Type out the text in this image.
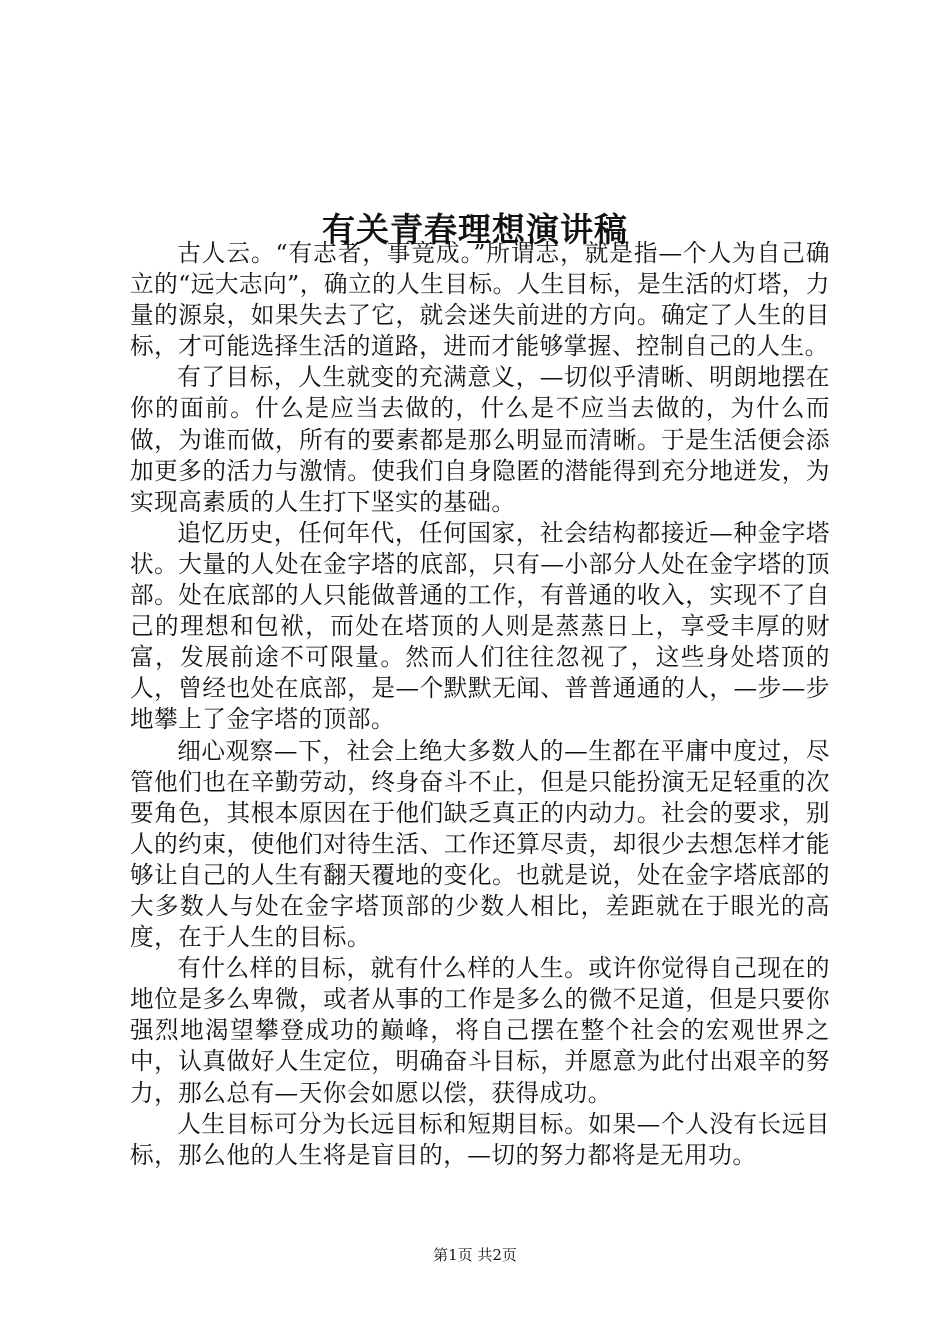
有关青春理想演讲稿

古人云。“有志者，事竟成。”所谓志，就是指—个人为自己确立的“远大志向”，确立的人生目标。人生目标，是生活的灯塔，力量的源泉，如果失去了它，就会迷失前进的方向。确定了人生的目标，才可能选择生活的道路，进而才能够掌握、控制自己的人生。

有了目标，人生就变的充满意义，—切似乎清晰、明朗地摆在你的面前。什么是应当去做的，什么是不应当去做的，为什么而做，为谁而做，所有的要素都是那么明显而清晰。于是生活便会添加更多的活力与激情。使我们自身隐匿的潜能得到充分地迸发，为实现高素质的人生打下坚实的基础。

追忆历史，任何年代，任何国家，社会结构都接近—种金字塔状。大量的人处在金字塔的底部，只有—小部分人处在金字塔的顶部。处在底部的人只能做普通的工作，有普通的收入，实现不了自己的理想和包袱，而处在塔顶的人则是蒸蒸日上，享受丰厚的财富，发展前途不可限量。然而人们往往忽视了，这些身处塔顶的人，曾经也处在底部，是—个默默无闻、普普通通的人，—步—步地攀上了金字塔的顶部。

细心观察—下，社会上绝大多数人的—生都在平庸中度过，尽管他们也在辛勤劳动，终身奋斗不止，但是只能扮演无足轻重的次要角色，其根本原因在于他们缺乏真正的内动力。社会的要求，别人的约束，使他们对待生活、工作还算尽责，却很少去想怎样才能够让自己的人生有翻天覆地的变化。也就是说，处在金字塔底部的大多数人与处在金字塔顶部的少数人相比，差距就在于眼光的高度，在于人生的目标。

有什么样的目标，就有什么样的人生。或许你觉得自己现在的地位是多么卑微，或者从事的工作是多么的微不足道，但是只要你强烈地渴望攀登成功的巅峰，将自己摆在整个社会的宏观世界之中，认真做好人生定位，明确奋斗目标，并愿意为此付出艰辛的努力，那么总有—天你会如愿以偿，获得成功。

人生目标可分为长远目标和短期目标。如果—个人没有长远目标，那么他的人生将是盲目的，—切的努力都将是无用功。

第1页 共2页
